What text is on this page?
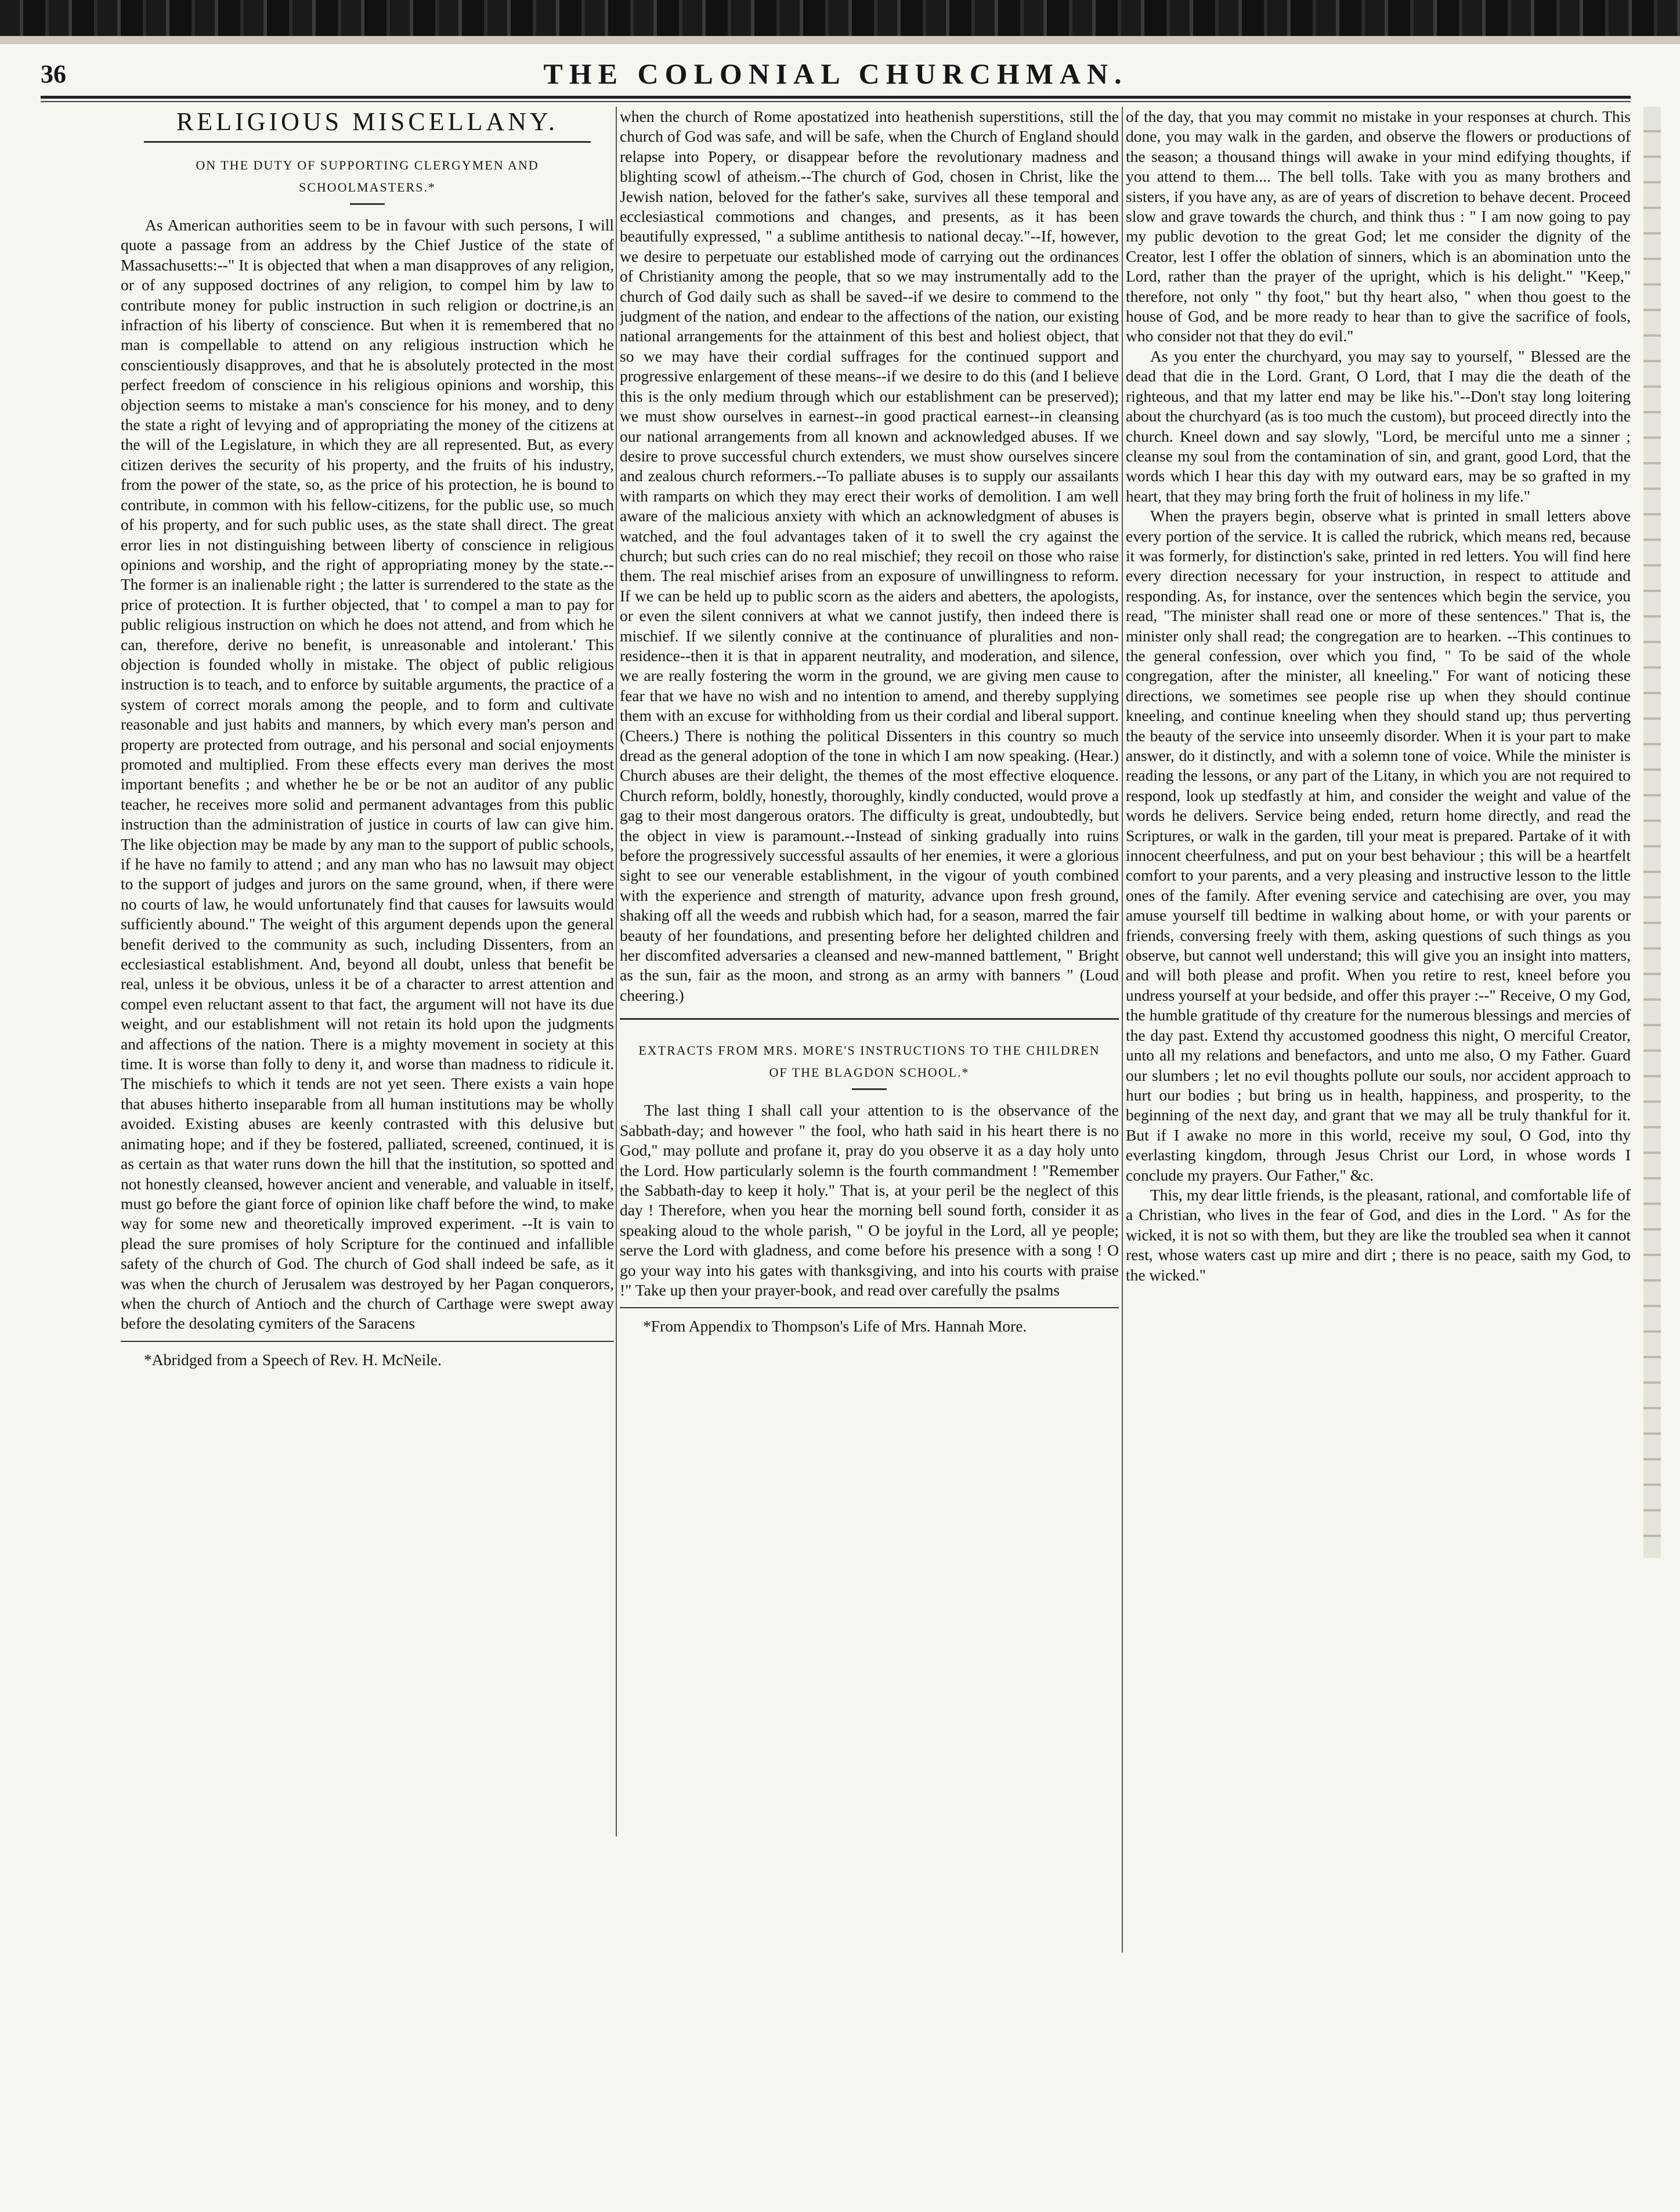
36	THE COLONIAL CHURCHMAN.
RELIGIOUS MISCELLANY.
ON THE DUTY OF SUPPORTING CLERGYMEN AND SCHOOLMASTERS.*

As American authorities seem to be in favour with such persons, I will quote a passage from an address by the Chief Justice of the state of Massachusetts:--" It is objected that when a man disapproves of any religion, or of any supposed doctrines of any religion, to compel him by law to contribute money for public instruction in such religion or doctrine,is an infraction of his liberty of conscience. But when it is remembered that no man is compellable to attend on any religious instruction which he conscientiously disapproves, and that he is absolutely protected in the most perfect freedom of conscience in his religious opinions and worship, this objection seems to mistake a man's conscience for his money, and to deny the state a right of levying and of appropriating the money of the citizens at the will of the Legislature, in which they are all represented. But, as every citizen derives the security of his property, and the fruits of his industry, from the power of the state, so, as the price of his protection, he is bound to contribute, in common with his fellow-citizens, for the public use, so much of his property, and for such public uses, as the state shall direct. The great error lies in not distinguishing between liberty of conscience in religious opinions and worship, and the right of appropriating money by the state.--The former is an inalienable right ; the latter is surrendered to the state as the price of protection. It is further objected, that ' to compel a man to pay for public religious instruction on which he does not attend, and from which he can, therefore, derive no benefit, is unreasonable and intolerant.' This objection is founded wholly in mistake. The object of public religious instruction is to teach, and to enforce by suitable arguments, the practice of a system of correct morals among the people, and to form and cultivate reasonable and just habits and manners, by which every man's person and property are protected from outrage, and his personal and social enjoyments promoted and multiplied. From these effects every man derives the most important benefits ; and whether he be or be not an auditor of any public teacher, he receives more solid and permanent advantages from this public instruction than the administration of justice in courts of law can give him. The like objection may be made by any man to the support of public schools, if he have no family to attend ; and any man who has no lawsuit may object to the support of judges and jurors on the same ground, when, if there were no courts of law, he would unfortunately find that causes for lawsuits would sufficiently abound." The weight of this argument depends upon the general benefit derived to the community as such, including Dissenters, from an ecclesiastical establishment. And, beyond all doubt, unless that benefit be real, unless it be obvious, unless it be of a character to arrest attention and compel even reluctant assent to that fact, the argument will not have its due weight, and our establishment will not retain its hold upon the judgments and affections of the nation. There is a mighty movement in society at this time. It is worse than folly to deny it, and worse than madness to ridicule it. The mischiefs to which it tends are not yet seen. There exists a vain hope that abuses hitherto inseparable from all human institutions may be wholly avoided. Existing abuses are keenly contrasted with this delusive but animating hope; and if they be fostered, palliated, screened, continued, it is as certain as that water runs down the hill that the institution, so spotted and not honestly cleansed, however ancient and venerable, and valuable in itself, must go before the giant force of opinion like chaff before the wind, to make way for some new and theoretically improved experiment. --It is vain to plead the sure promises of holy Scripture for the continued and infallible safety of the church of God. The church of God shall indeed be safe, as it was when the church of Jerusalem was destroyed by her Pagan conquerors, when the church of Antioch and the church of Carthage were swept away before the desolating cymiters of the Saracens

*Abridged from a Speech of Rev. H. McNeile.

when the church of Rome apostatized into heathenish superstitions, still the church of God was safe, and will be safe, when the Church of England should relapse into Popery, or disappear before the revolutionary madness and blighting scowl of atheism.--The church of God, chosen in Christ, like the Jewish nation, beloved for the father's sake, survives all these temporal and ecclesiastical commotions and changes, and presents, as it has been beautifully expressed, " a sublime antithesis to national decay."--If, however, we desire to perpetuate our established mode of carrying out the ordinances of Christianity among the people, that so we may instrumentally add to the church of God daily such as shall be saved--if we desire to commend to the judgment of the nation, and endear to the affections of the nation, our existing national arrangements for the attainment of this best and holiest object, that so we may have their cordial suffrages for the continued support and progressive enlargement of these means--if we desire to do this (and I believe this is the only medium through which our establishment can be preserved); we must show ourselves in earnest--in good practical earnest--in cleansing our national arrangements from all known and acknowledged abuses. If we desire to prove successful church extenders, we must show ourselves sincere and zealous church reformers.--To palliate abuses is to supply our assailants with ramparts on which they may erect their works of demolition. I am well aware of the malicious anxiety with which an acknowledgment of abuses is watched, and the foul advantages taken of it to swell the cry against the church; but such cries can do no real mischief; they recoil on those who raise them. The real mischief arises from an exposure of unwillingness to reform. If we can be held up to public scorn as the aiders and abetters, the apologists, or even the silent connivers at what we cannot justify, then indeed there is mischief. If we silently connive at the continuance of pluralities and non-residence--then it is that in apparent neutrality, and moderation, and silence, we are really fostering the worm in the ground, we are giving men cause to fear that we have no wish and no intention to amend, and thereby supplying them with an excuse for withholding from us their cordial and liberal support. (Cheers.) There is nothing the political Dissenters in this country so much dread as the general adoption of the tone in which I am now speaking. (Hear.) Church abuses are their delight, the themes of the most effective eloquence. Church reform, boldly, honestly, thoroughly, kindly conducted, would prove a gag to their most dangerous orators. The difficulty is great, undoubtedly, but the object in view is paramount.--Instead of sinking gradually into ruins before the progressively successful assaults of her enemies, it were a glorious sight to see our venerable establishment, in the vigour of youth combined with the experience and strength of maturity, advance upon fresh ground, shaking off all the weeds and rubbish which had, for a season, marred the fair beauty of her foundations, and presenting before her delighted children and her discomfited adversaries a cleansed and new-manned battlement, " Bright as the sun, fair as the moon, and strong as an army with banners " (Loud cheering.)

EXTRACTS FROM MRS. MORE'S INSTRUCTIONS TO THE CHILDREN OF THE BLAGDON SCHOOL.*

The last thing I shall call your attention to is the observance of the Sabbath-day; and however " the fool, who hath said in his heart there is no God," may pollute and profane it, pray do you observe it as a day holy unto the Lord. How particularly solemn is the fourth commandment ! "Remember the Sabbath-day to keep it holy." That is, at your peril be the neglect of this day ! Therefore, when you hear the morning bell sound forth, consider it as speaking aloud to the whole parish, " O be joyful in the Lord, all ye people; serve the Lord with gladness, and come before his presence with a song ! O go your way into his gates with thanksgiving, and into his courts with praise !" Take up then your prayer-book, and read over carefully the psalms

*From Appendix to Thompson's Life of Mrs. Hannah More.

of the day, that you may commit no mistake in your responses at church. This done, you may walk in the garden, and observe the flowers or productions of the season; a thousand things will awake in your mind edifying thoughts, if you attend to them.... The bell tolls. Take with you as many brothers and sisters, if you have any, as are of years of discretion to behave decent. Proceed slow and grave towards the church, and think thus : " I am now going to pay my public devotion to the great God; let me consider the dignity of the Creator, lest I offer the oblation of sinners, which is an abomination unto the Lord, rather than the prayer of the upright, which is his delight." "Keep," therefore, not only " thy foot," but thy heart also, " when thou goest to the house of God, and be more ready to hear than to give the sacrifice of fools, who consider not that they do evil."

As you enter the churchyard, you may say to yourself, " Blessed are the dead that die in the Lord. Grant, O Lord, that I may die the death of the righteous, and that my latter end may be like his."--Don't stay long loitering about the churchyard (as is too much the custom), but proceed directly into the church. Kneel down and say slowly, "Lord, be merciful unto me a sinner ; cleanse my soul from the contamination of sin, and grant, good Lord, that the words which I hear this day with my outward ears, may be so grafted in my heart, that they may bring forth the fruit of holiness in my life."

When the prayers begin, observe what is printed in small letters above every portion of the service. It is called the rubrick, which means red, because it was formerly, for distinction's sake, printed in red letters. You will find here every direction necessary for your instruction, in respect to attitude and responding. As, for instance, over the sentences which begin the service, you read, "The minister shall read one or more of these sentences." That is, the minister only shall read; the congregation are to hearken. --This continues to the general confession, over which you find, " To be said of the whole congregation, after the minister, all kneeling." For want of noticing these directions, we sometimes see people rise up when they should continue kneeling, and continue kneeling when they should stand up; thus perverting the beauty of the service into unseemly disorder. When it is your part to make answer, do it distinctly, and with a solemn tone of voice. While the minister is reading the lessons, or any part of the Litany, in which you are not required to respond, look up stedfastly at him, and consider the weight and value of the words he delivers. Service being ended, return home directly, and read the Scriptures, or walk in the garden, till your meat is prepared. Partake of it with innocent cheerfulness, and put on your best behaviour ; this will be a heartfelt comfort to your parents, and a very pleasing and instructive lesson to the little ones of the family. After evening service and catechising are over, you may amuse yourself till bedtime in walking about home, or with your parents or friends, conversing freely with them, asking questions of such things as you observe, but cannot well understand; this will give you an insight into matters, and will both please and profit. When you retire to rest, kneel before you undress yourself at your bedside, and offer this prayer :--" Receive, O my God, the humble gratitude of thy creature for the numerous blessings and mercies of the day past. Extend thy accustomed goodness this night, O merciful Creator, unto all my relations and benefactors, and unto me also, O my Father. Guard our slumbers ; let no evil thoughts pollute our souls, nor accident approach to hurt our bodies ; but bring us in health, happiness, and prosperity, to the beginning of the next day, and grant that we may all be truly thankful for it. But if I awake no more in this world, receive my soul, O God, into thy everlasting kingdom, through Jesus Christ our Lord, in whose words I conclude my prayers. Our Father," &c.

This, my dear little friends, is the pleasant, rational, and comfortable life of a Christian, who lives in the fear of God, and dies in the Lord. " As for the wicked, it is not so with them, but they are like the troubled sea when it cannot rest, whose waters cast up mire and dirt ; there is no peace, saith my God, to the wicked."
